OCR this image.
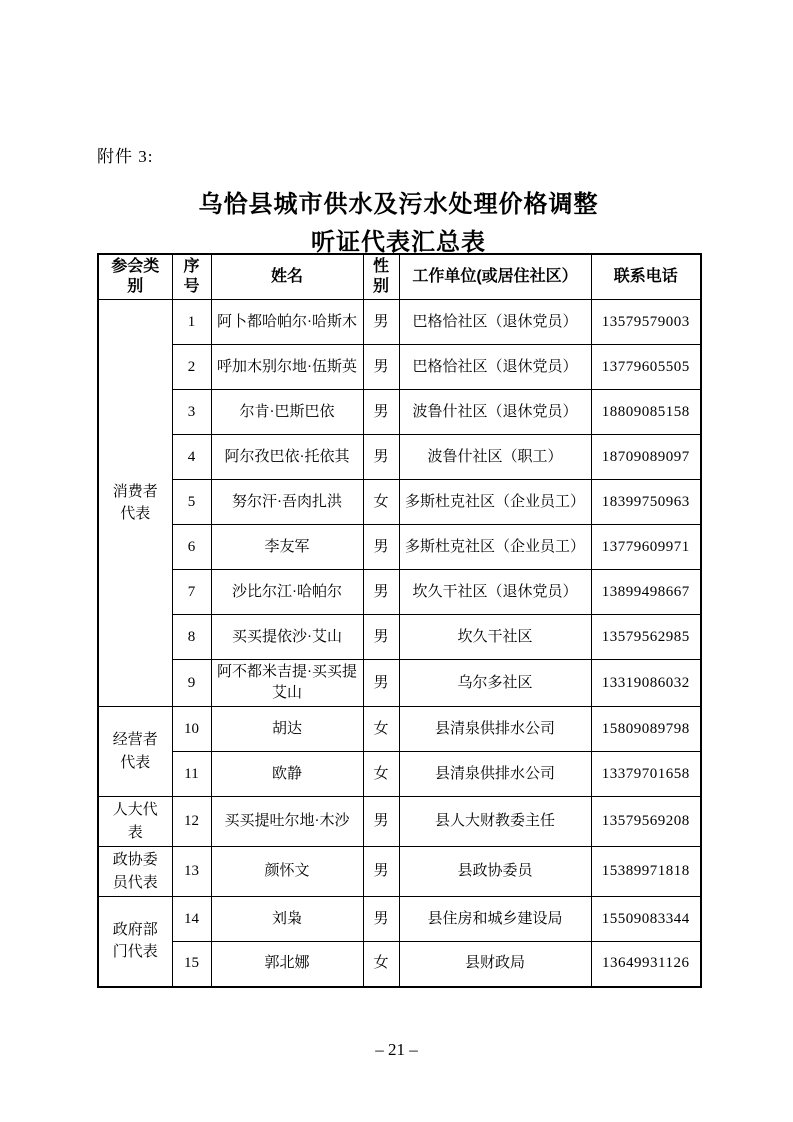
附件 3:
乌恰县城市供水及污水处理价格调整
听证代表汇总表
参会类别	序号	姓名	性别	工作单位(或居住社区）	联系电话
消费者代表	1	阿卜都哈帕尔·哈斯木	男	巴格恰社区（退休党员）	13579579003
	2	呼加木别尔地·伍斯英	男	巴格恰社区（退休党员）	13779605505
	3	尔肯·巴斯巴依	男	波鲁什社区（退休党员）	18809085158
	4	阿尔孜巴依·托依其	男	波鲁什社区（职工）	18709089097
	5	努尔汗·吾肉扎洪	女	多斯杜克社区（企业员工）	18399750963
	6	李友军	男	多斯杜克社区（企业员工）	13779609971
	7	沙比尔江·哈帕尔	男	坎久干社区（退休党员）	13899498667
	8	买买提依沙·艾山	男	坎久干社区	13579562985
	9	阿不都米吉提·买买提艾山	男	乌尔多社区	13319086032
经营者代表	10	胡达	女	县清泉供排水公司	15809089798
	11	欧静	女	县清泉供排水公司	13379701658
人大代表	12	买买提吐尔地·木沙	男	县人大财教委主任	13579569208
政协委员代表	13	颜怀文	男	县政协委员	15389971818
政府部门代表	14	刘枭	男	县住房和城乡建设局	15509083344
	15	郭北娜	女	县财政局	13649931126
– 21 –
